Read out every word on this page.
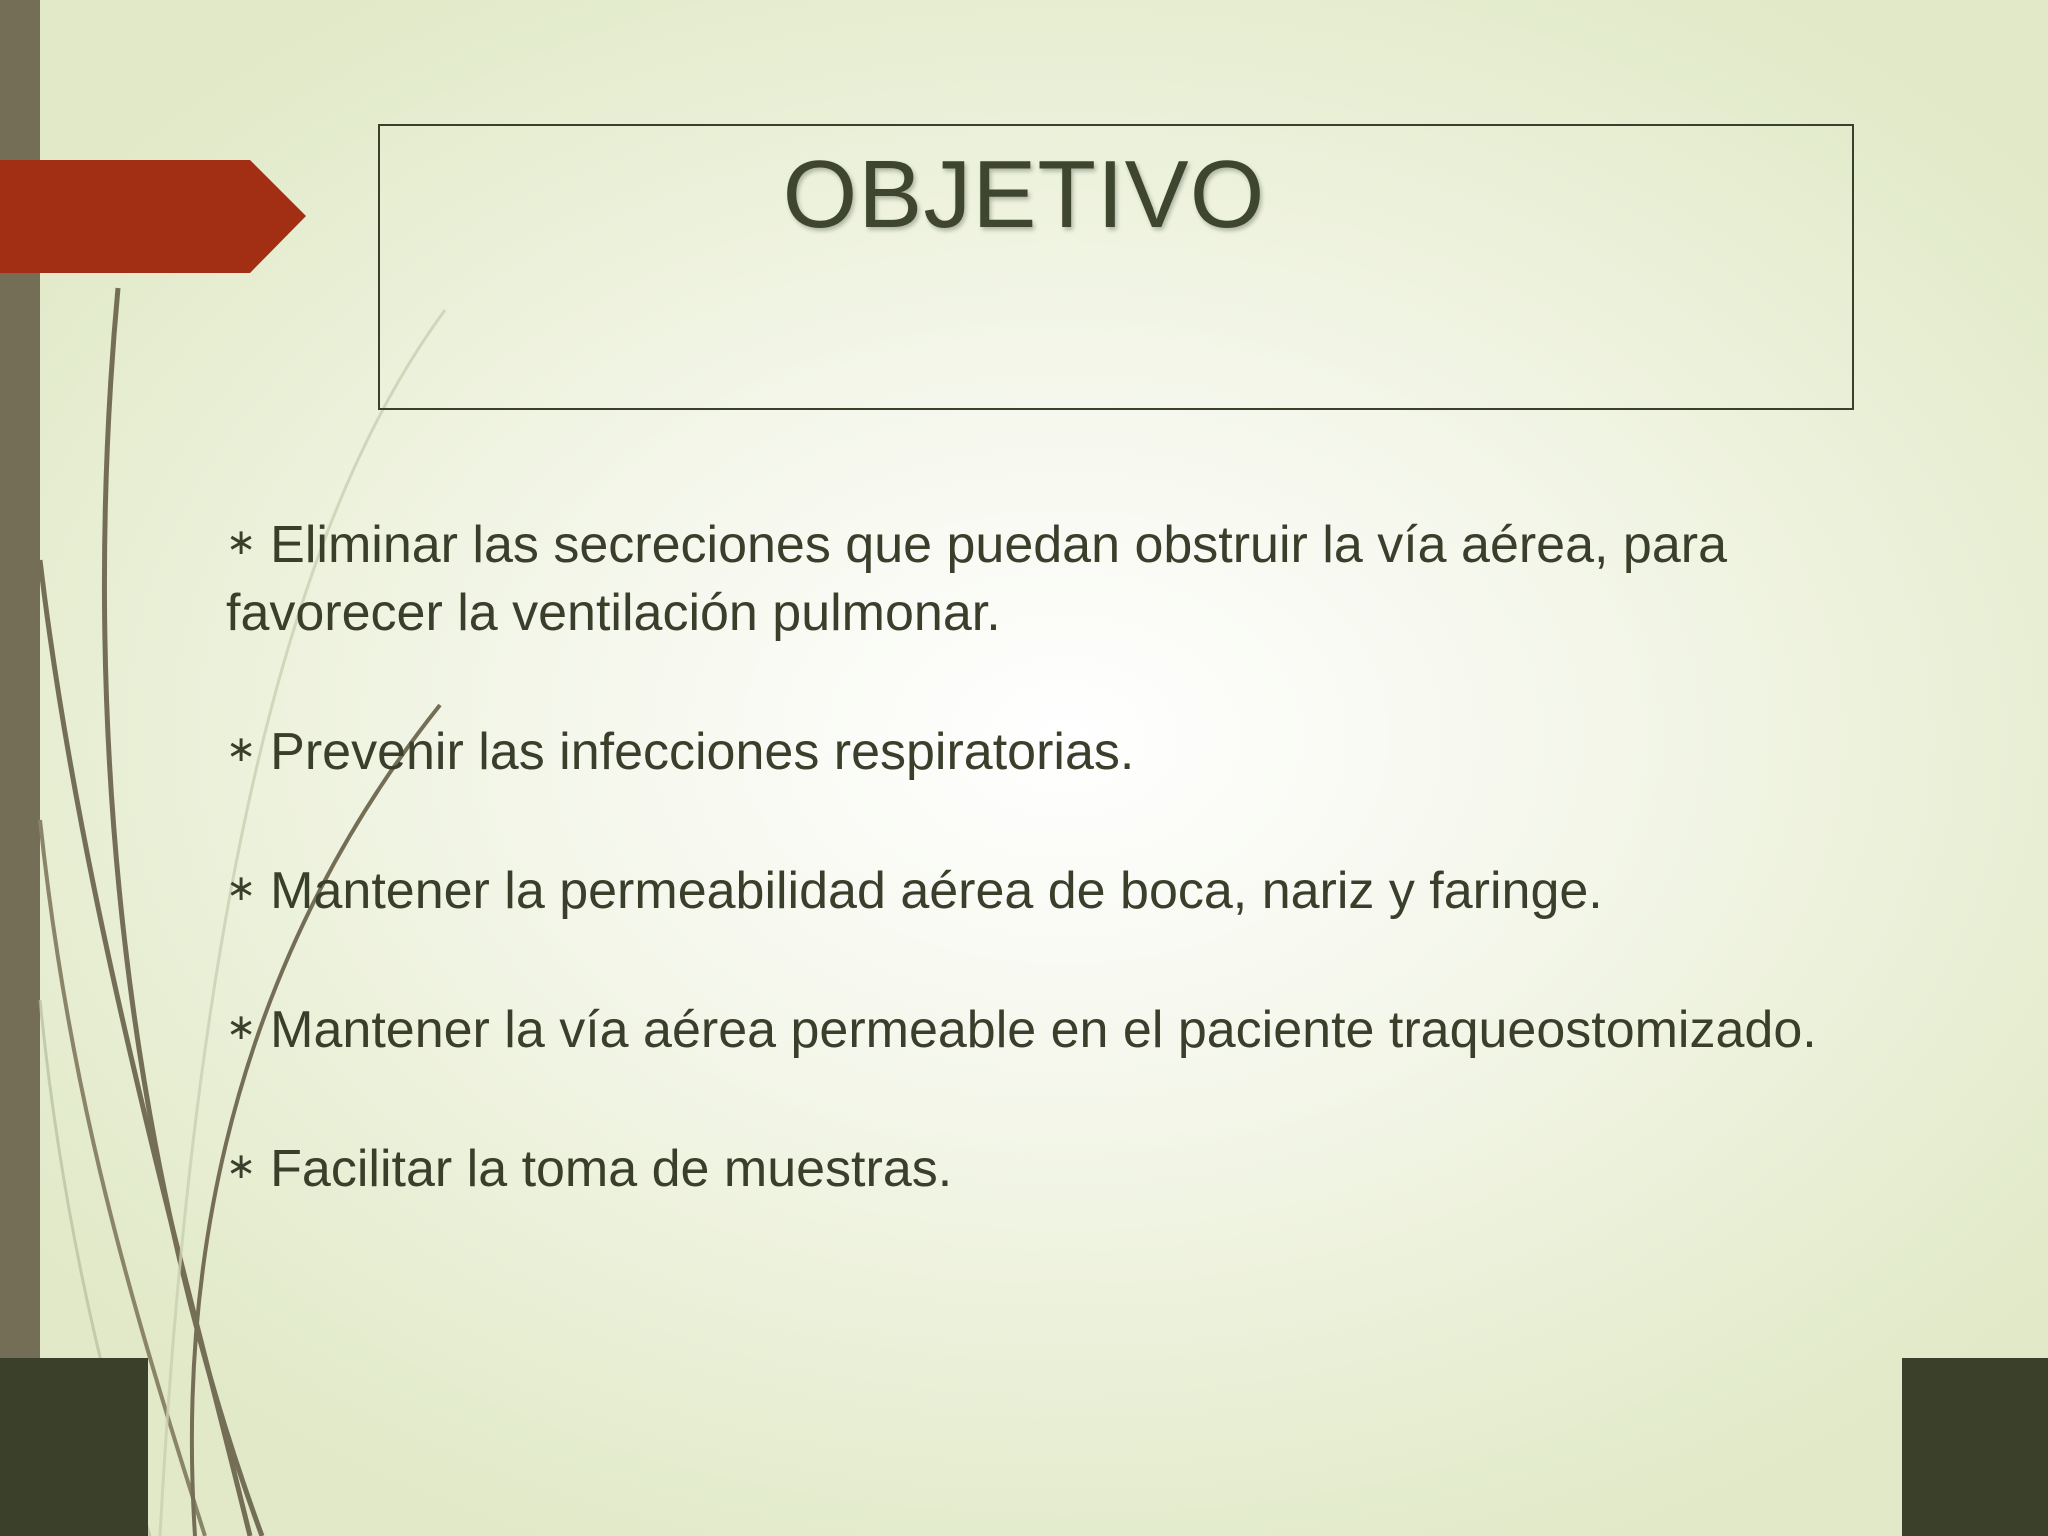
OBJETIVO
∗ Eliminar las secreciones que puedan obstruir la vía aérea, para favorecer la ventilación pulmonar.
∗ Prevenir las infecciones respiratorias.
∗ Mantener la permeabilidad aérea de boca, nariz y faringe.
∗ Mantener la vía aérea permeable en el paciente traqueostomizado.
∗ Facilitar la toma de muestras.
